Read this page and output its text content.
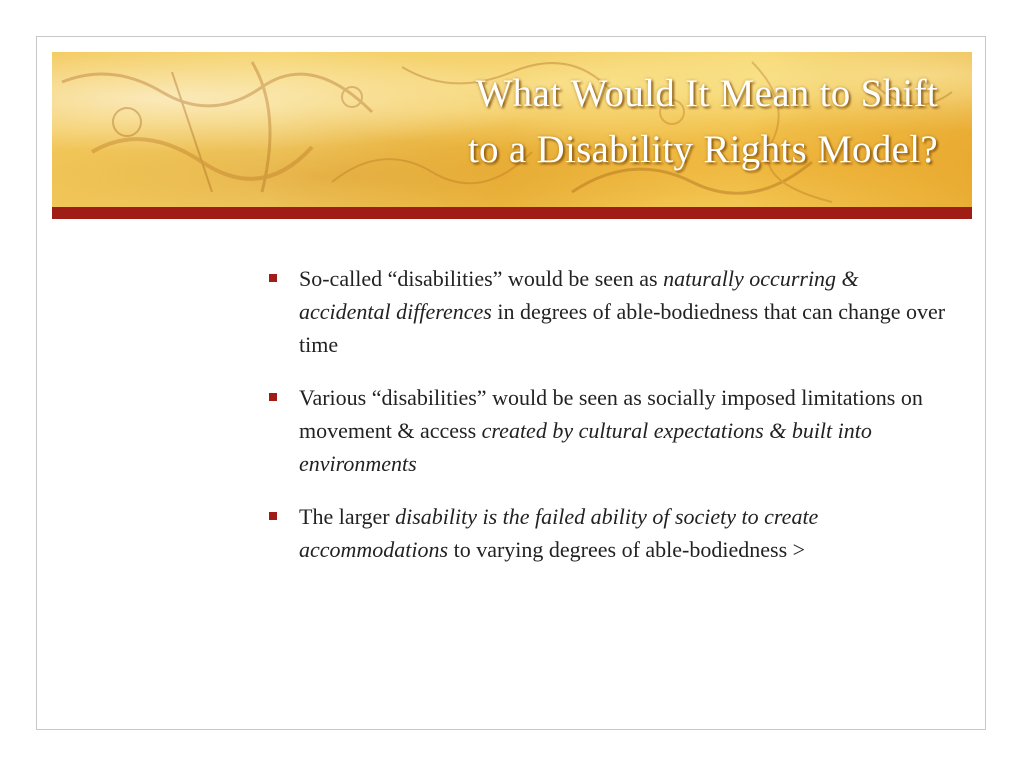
What Would It Mean to Shift
to a Disability Rights Model?
So-called “disabilities” would be seen as naturally occurring & accidental differences in degrees of able-bodiedness that can change over time
Various “disabilities” would be seen as socially imposed limitations on movement & access created by cultural expectations & built into environments
The larger disability is the failed ability of society to create accommodations to varying degrees of able-bodiedness >
